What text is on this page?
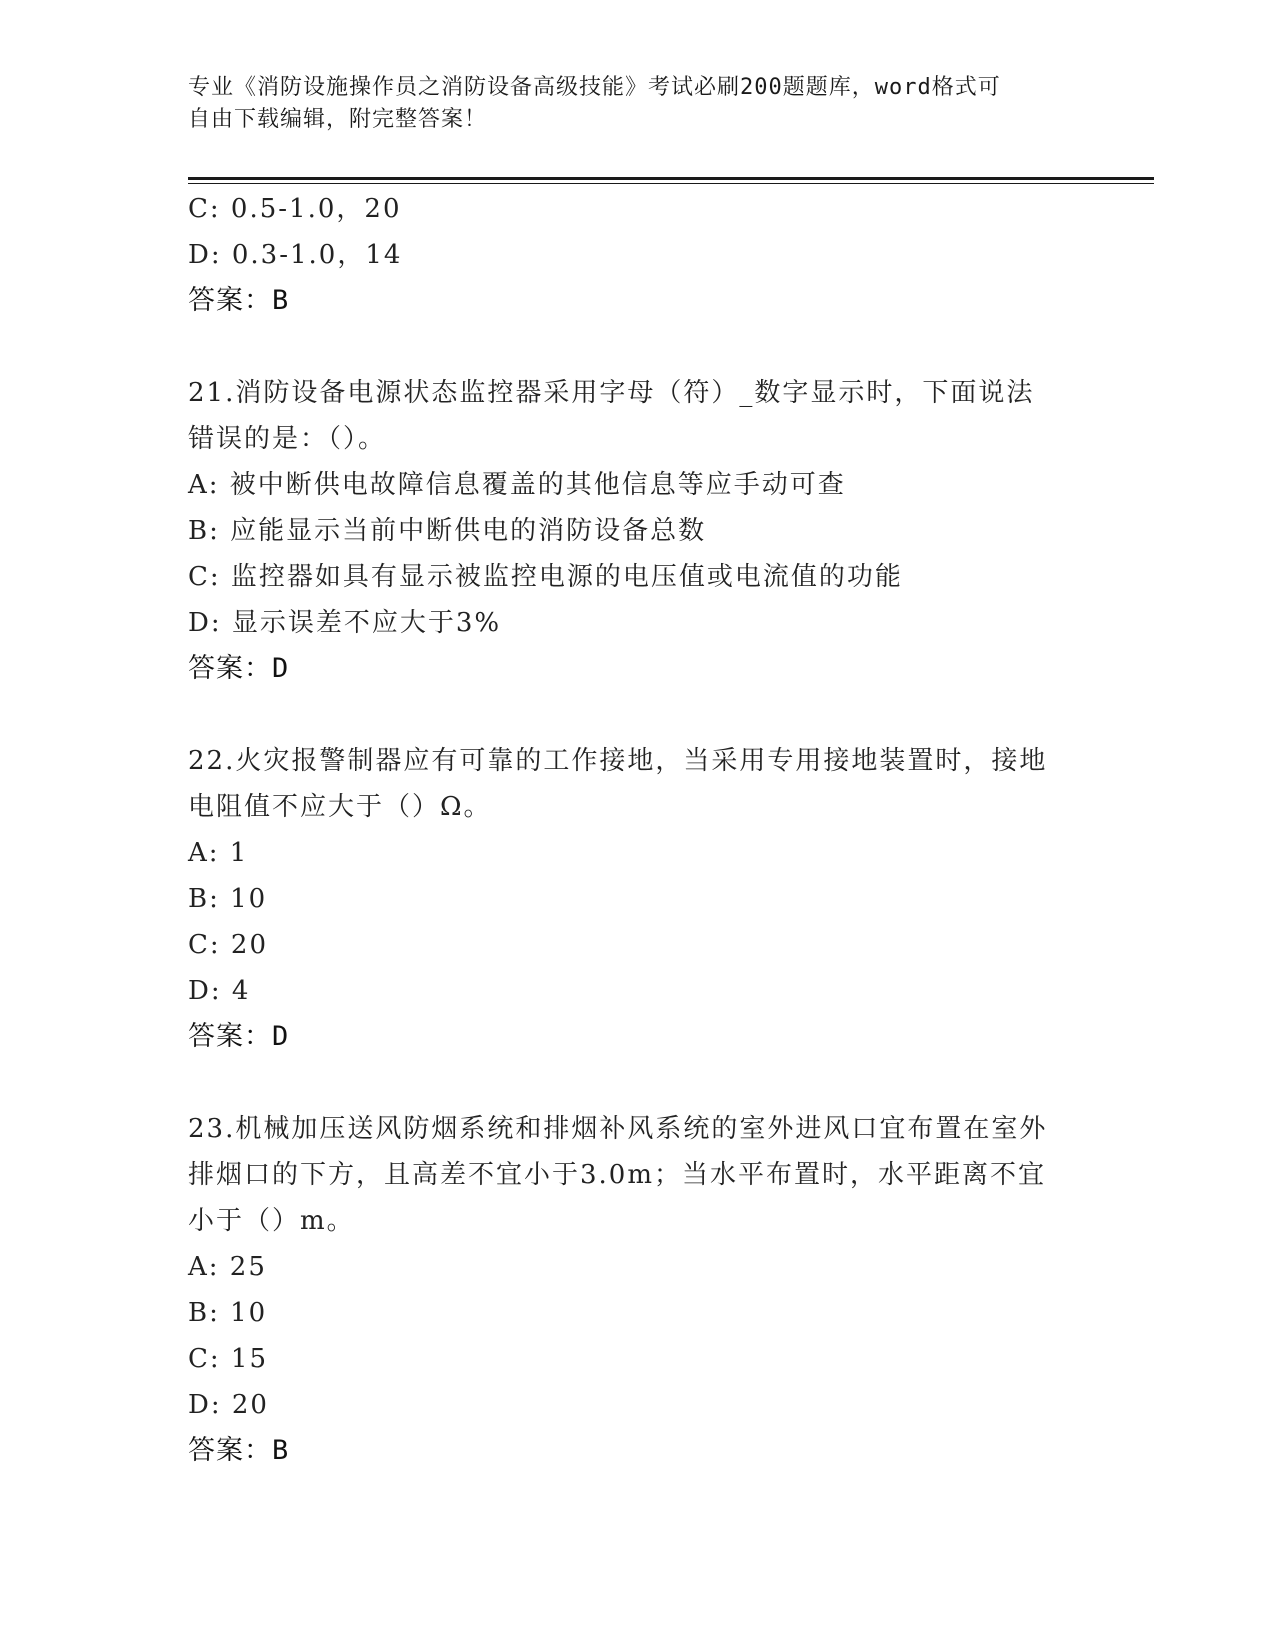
专业《消防设施操作员之消防设备高级技能》考试必刷200题题库，word格式可
自由下载编辑，附完整答案！
C: 0.5-1.0，20
D: 0.3-1.0，14
答案：B
21.消防设备电源状态监控器采用字母（符）_数字显示时，下面说法
错误的是：（）。
A: 被中断供电故障信息覆盖的其他信息等应手动可查
B: 应能显示当前中断供电的消防设备总数
C: 监控器如具有显示被监控电源的电压值或电流值的功能
D: 显示误差不应大于3%
答案：D
22.火灾报警制器应有可靠的工作接地，当采用专用接地装置时，接地
电阻值不应大于（）Ω。
A: 1
B: 10
C: 20
D: 4
答案：D
23.机械加压送风防烟系统和排烟补风系统的室外进风口宜布置在室外
排烟口的下方，且高差不宜小于3.0m；当水平布置时，水平距离不宜
小于（）m。
A: 25
B: 10
C: 15
D: 20
答案：B
